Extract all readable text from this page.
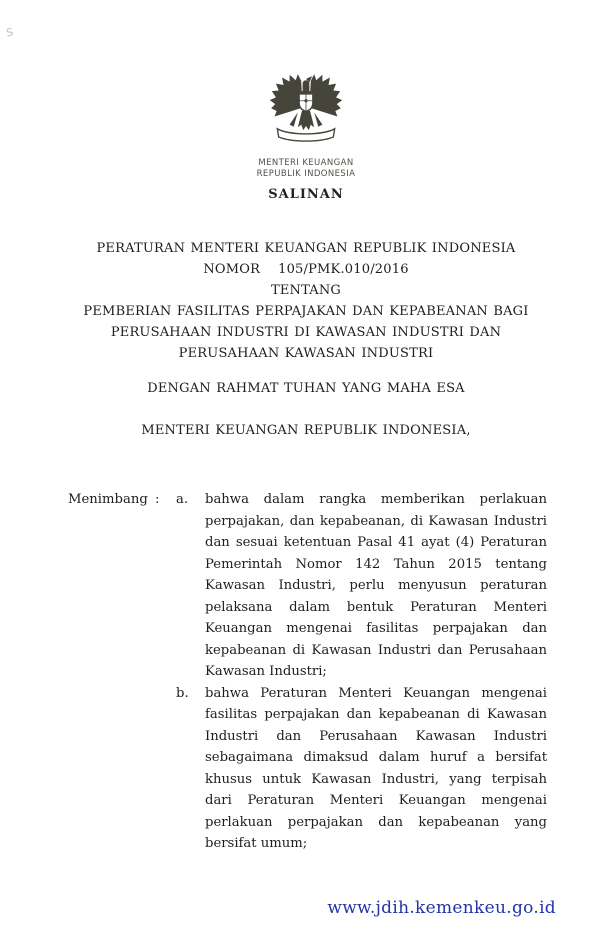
s
MENTERI KEUANGAN
REPUBLIK INDONESIA
SALINAN
PERATURAN MENTERI KEUANGAN REPUBLIK INDONESIA
NOMOR 105/PMK.010/2016
TENTANG
PEMBERIAN FASILITAS PERPAJAKAN DAN KEPABEANAN BAGI
PERUSAHAAN INDUSTRI DI KAWASAN INDUSTRI DAN
PERUSAHAAN KAWASAN INDUSTRI
DENGAN RAHMAT TUHAN YANG MAHA ESA
MENTERI KEUANGAN REPUBLIK INDONESIA,
Menimbang :	a.	bahwa dalam rangka memberikan perlakuan perpajakan, dan kepabeanan, di Kawasan Industri dan sesuai ketentuan Pasal 41 ayat (4) Peraturan Pemerintah Nomor 142 Tahun 2015 tentang Kawasan Industri, perlu menyusun peraturan pelaksana dalam bentuk Peraturan Menteri Keuangan mengenai fasilitas perpajakan dan kepabeanan di Kawasan Industri dan Perusahaan Kawasan Industri;
b.	bahwa Peraturan Menteri Keuangan mengenai fasilitas perpajakan dan kepabeanan di Kawasan Industri dan Perusahaan Kawasan Industri sebagaimana dimaksud dalam huruf a bersifat khusus untuk Kawasan Industri, yang terpisah dari Peraturan Menteri Keuangan mengenai perlakuan perpajakan dan kepabeanan yang bersifat umum;
www.jdih.kemenkeu.go.id
